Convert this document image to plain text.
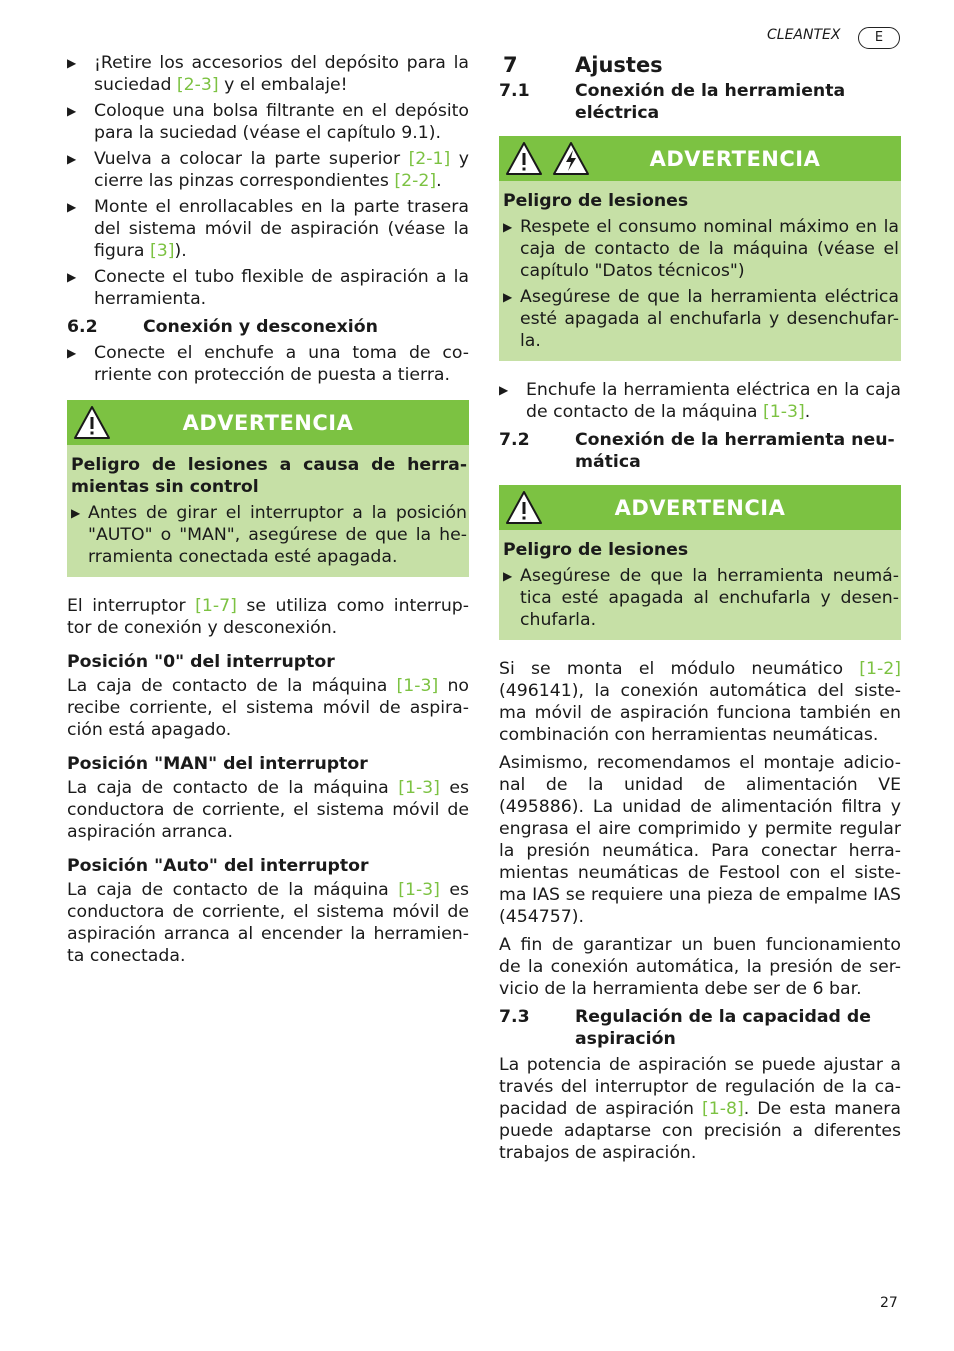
CLEANTEX	E
▶ ¡Retire los accesorios del depósito para la suciedad [2-3] y el embalaje!
▶ Coloque una bolsa filtrante en el depósito para la suciedad (véase el capítulo 9.1).
▶ Vuelva a colocar la parte superior [2-1] y cierre las pinzas correspondientes [2-2].
▶ Monte el enrollacables en la parte trasera del sistema móvil de aspiración (véase la figura [3]).
▶ Conecte el tubo flexible de aspiración a la herramienta.
6.2	Conexión y desconexión
▶ Conecte el enchufe a una toma de co-rriente con protección de puesta a tierra.
ADVERTENCIA
Peligro de lesiones a causa de herra-mientas sin control
▶ Antes de girar el interruptor a la posición "AUTO" o "MAN", asegúrese de que la he-rramienta conectada esté apagada.
El interruptor [1-7] se utiliza como interrup-tor de conexión y desconexión.
Posición "0" del interruptor
La caja de contacto de la máquina [1-3] no recibe corriente, el sistema móvil de aspira-ción está apagado.
Posición "MAN" del interruptor
La caja de contacto de la máquina [1-3] es conductora de corriente, el sistema móvil de aspiración arranca.
Posición "Auto" del interruptor
La caja de contacto de la máquina [1-3] es conductora de corriente, el sistema móvil de aspiración arranca al encender la herramien-ta conectada.
7	Ajustes
7.1	Conexión de la herramienta eléctrica
ADVERTENCIA
Peligro de lesiones
▶ Respete el consumo nominal máximo en la caja de contacto de la máquina (véase el capítulo "Datos técnicos")
▶ Asegúrese de que la herramienta eléctrica esté apagada al enchufarla y desenchufar-la.
▶ Enchufe la herramienta eléctrica en la caja de contacto de la máquina [1-3].
7.2	Conexión de la herramienta neu-mática
ADVERTENCIA
Peligro de lesiones
▶ Asegúrese de que la herramienta neumá-tica esté apagada al enchufarla y desen-chufarla.
Si se monta el módulo neumático [1-2] (496141), la conexión automática del siste-ma móvil de aspiración funciona también en combinación con herramientas neumáticas.
Asimismo, recomendamos el montaje adicio-nal de la unidad de alimentación VE (495886). La unidad de alimentación filtra y engrasa el aire comprimido y permite regular la presión neumática. Para conectar herra-mientas neumáticas de Festool con el siste-ma IAS se requiere una pieza de empalme IAS (454757).
A fin de garantizar un buen funcionamiento de la conexión automática, la presión de ser-vicio de la herramienta debe ser de 6 bar.
7.3	Regulación de la capacidad de aspiración
La potencia de aspiración se puede ajustar a través del interruptor de regulación de la ca-pacidad de aspiración [1-8]. De esta manera puede adaptarse con precisión a diferentes trabajos de aspiración.
27
